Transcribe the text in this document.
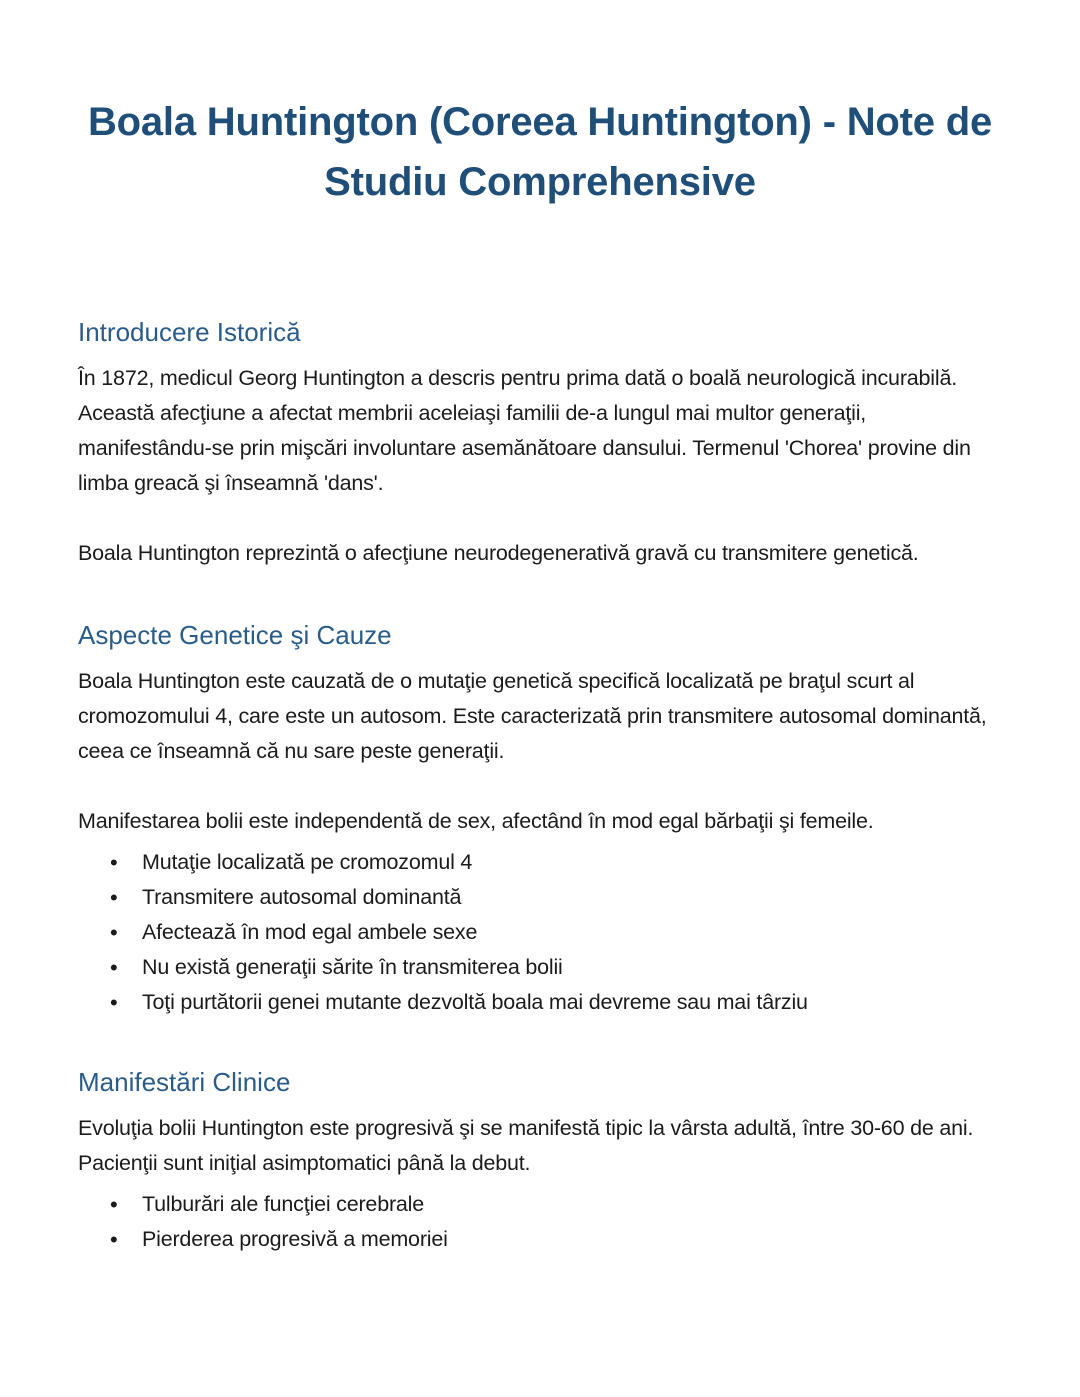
Boala Huntington (Coreea Huntington) - Note de Studiu Comprehensive
Introducere Istorică

În 1872, medicul Georg Huntington a descris pentru prima dată o boală neurologică incurabilă. Această afecţiune a afectat membrii aceleiaşi familii de-a lungul mai multor generaţii, manifestându-se prin mişcări involuntare asemănătoare dansului. Termenul 'Chorea' provine din limba greacă şi înseamnă 'dans'.

Boala Huntington reprezintă o afecţiune neurodegenerativă gravă cu transmitere genetică.

Aspecte Genetice şi Cauze

Boala Huntington este cauzată de o mutaţie genetică specifică localizată pe braţul scurt al cromozomului 4, care este un autosom. Este caracterizată prin transmitere autosomal dominantă, ceea ce înseamnă că nu sare peste generaţii.

Manifestarea bolii este independentă de sex, afectând în mod egal bărbaţii şi femeile.

• Mutaţie localizată pe cromozomul 4
• Transmitere autosomal dominantă
• Afectează în mod egal ambele sexe
• Nu există generaţii sărite în transmiterea bolii
• Toţi purtătorii genei mutante dezvoltă boala mai devreme sau mai târziu
Manifestări Clinice

Evoluţia bolii Huntington este progresivă şi se manifestă tipic la vârsta adultă, între 30-60 de ani. Pacienţii sunt iniţial asimptomatici până la debut.

• Tulburări ale funcţiei cerebrale
• Pierderea progresivă a memoriei
